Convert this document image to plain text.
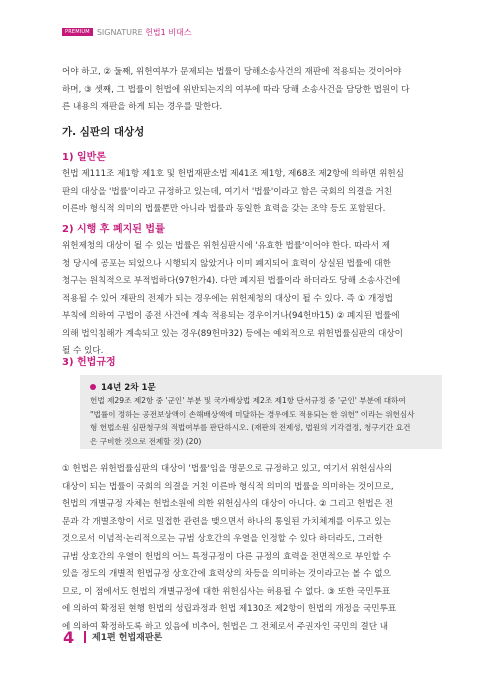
PREMIUM SIGNATURE 헌법1 비대스
어야 하고, ② 둘째, 위헌여부가 문제되는 법률이 당해소송사건의 재판에 적용되는 것이어야
하며, ③ 셋째, 그 법률이 헌법에 위반되는지의 여부에 따라 당해 소송사건을 담당한 법원이 다
른 내용의 재판을 하게 되는 경우를 말한다.
가. 심판의 대상성
1) 일반론
헌법 제111조 제1항 제1호 및 헌법재판소법 제41조 제1항, 제68조 제2항에 의하면 위헌심
판의 대상을 '법률'이라고 규정하고 있는데, 여기서 '법률'이라고 함은 국회의 의결을 거친
이른바 형식적 의미의 법률뿐만 아니라 법률과 동일한 효력을 갖는 조약 등도 포함된다.
2) 시행 후 폐지된 법률
위헌제청의 대상이 될 수 있는 법률은 위헌심판시에 '유효한 법률'이어야 한다. 따라서 제
청 당시에 공포는 되었으나 시행되지 않았거나 이미 폐지되어 효력이 상실된 법률에 대한
청구는 원칙적으로 부적법하다(97헌가4). 다만 폐지된 법률이라 하더라도 당해 소송사건에
적용될 수 있어 재판의 전제가 되는 경우에는 위헌제청의 대상이 될 수 있다. 즉 ① 개정법
부칙에 의하여 구법이 종전 사건에 계속 적용되는 경우이거나(94헌바15) ② 폐지된 법률에
의해 법익침해가 계속되고 있는 경우(89헌마32) 등에는 예외적으로 위헌법률심판의 대상이
될 수 있다.
3) 헌법규정
14년 2차 1문
헌법 제29조 제2항 중 '군인' 부분 및 국가배상법 제2조 제1항 단서규정 중 '군인' 부분에 대하여
"법률이 정하는 공전보상액이 손해배상액에 미달하는 경우에도 적용되는 한 위헌" 이라는 위헌심사
형 헌법소원 심판청구의 적법여부를 판단하시오. (재판의 전제성, 법원의 기각결정, 청구기간 요건
은 구비한 것으로 전제할 것) (20)
① 헌법은 위헌법률심판의 대상이 '법률'임을 명문으로 규정하고 있고, 여기서 위헌심사의
대상이 되는 법률이 국회의 의결을 거친 이른바 형식적 의미의 법률을 의미하는 것이므로,
헌법의 개별규정 자체는 헌법소원에 의한 위헌심사의 대상이 아니다. ② 그리고 헌법은 전
문과 각 개별조항이 서로 밀접한 관련을 맺으면서 하나의 통일된 가치체계를 이루고 있는
것으로서 이념적·논리적으로는 규범 상호간의 우열을 인정할 수 있다 하더라도, 그러한
규범 상호간의 우열이 헌법의 어느 특정규정이 다른 규정의 효력을 전면적으로 부인할 수
있을 정도의 개별적 헌법규정 상호간에 효력상의 차등을 의미하는 것이라고는 볼 수 없으
므로, 이 점에서도 헌법의 개별규정에 대한 위헌심사는 허용될 수 없다. ③ 또한 국민투표
에 의하여 확정된 현행 헌법의 성립과정과 헌법 제130조 제2항이 헌법의 개정을 국민투표
에 의하여 확정하도록 하고 있음에 비추어, 헌법은 그 전체로서 주권자인 국민의 결단 내
4 제1편 헌법재판론
